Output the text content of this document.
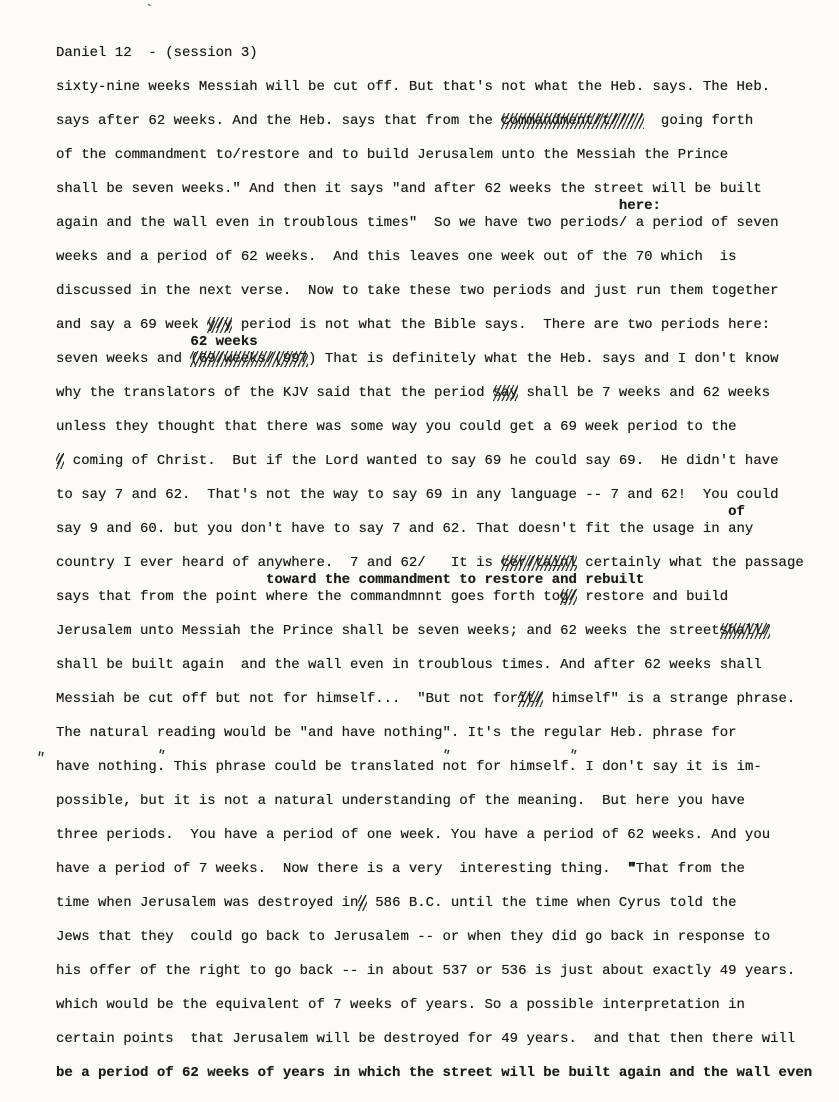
ˋ
Daniel 12  - (session 3)
sixty-nine weeks Messiah will be cut off. But that's not what the Heb. says. The Heb.
says after 62 weeks. And the Heb. says that from the commandment/t////  going forth
of the commandment to/restore and to build Jerusalem unto the Messiah the Prince
shall be seven weeks." And then it says "and after 62 weeks the street will be built
again and the wall even in troublous times"  So we have two periodshere:/ a period of seven
weeks and a period of 62 weeks.  And this leaves one week out of the 70 which  is
discussed in the next verse.  Now to take these two periods and just run them together
and say a 69 week y/y period is not what the Bible says.  There are two periods here:
seven weeks and 62 weeks(69/weeks/(997) That is definitely what the Heb. says and I don't know
why the translators of the KJV said that the period say shall be 7 weeks and 62 weeks
unless they thought that there was some way you could get a 69 week period to the
/ coming of Christ.  But if the Lord wanted to say 69 he could say 69.  He didn't have
to say 7 and 62.  That's not the way to say 69 in any language -- 7 and 62!  You could
say 9 and 60. but you don't have to say 7 and 62. That doesn't fit the usage in ofany
country I ever heard of anywhere.  7 and 62/   It is cer/tainl certainly what the passage
says that from the point toward the commandment to restore and rebuiltwhere the commandmnnt goes forth tog/ restore and build
Jerusalem unto Messiah the Prince shall be seven weeks; and 62 weeks the streetshall/
shall be built again  and the wall even in troublous times. And after 62 weeks shall
Messiah be cut off but not for himself...  "But not forit/ himself" is a strange phrase.
The natural reading would be "and have nothing". It's the regular Heb. phrase for
" have nothing". This phrase could be translated "not for himself". I don't say it is im-
possible, but it is not a natural understanding of the meaning.  But here you have
three periods.  You have a period of one week. You have a period of 62 weeks. And you
have a period of 7 weeks.  Now there is a very  interesting thing.  "That from the
time when Jerusalem was destroyed in/ 586 B.C. until the time when Cyrus told the
Jews that they  could go back to Jerusalem -- or when they did go back in response to
his offer of the right to go back -- in about 537 or 536 is just about exactly 49 years.
which would be the equivalent of 7 weeks of years. So a possible interpretation in
certain points  that Jerusalem will be destroyed for 49 years.  and that then there will
be a period of 62 weeks of years in which the street will be built again and the wall even
